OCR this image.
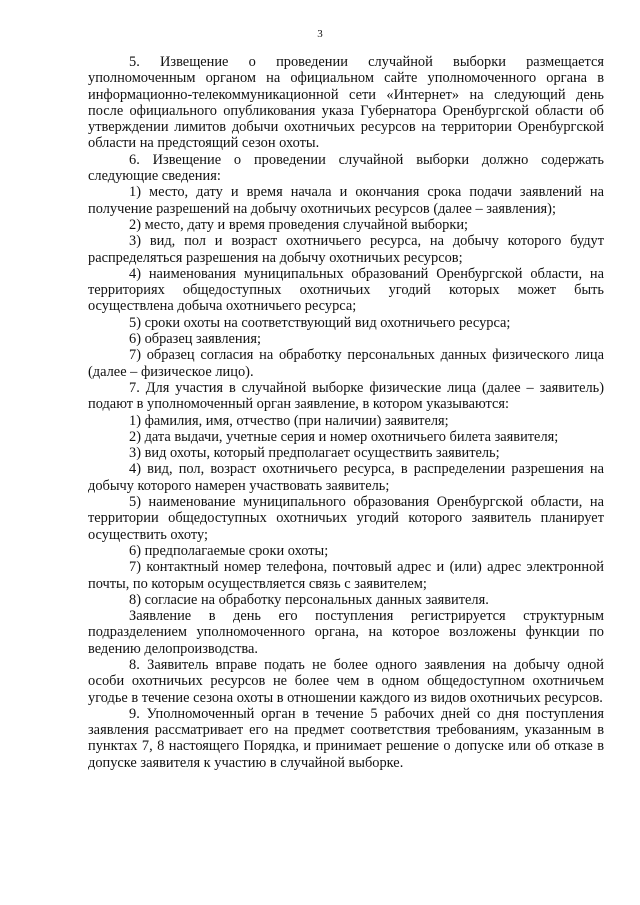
3

5. Извещение о проведении случайной выборки размещается уполномоченным органом на официальном сайте уполномоченного органа в информационно-телекоммуникационной сети «Интернет» на следующий день после официального опубликования указа Губернатора Оренбургской области об утверждении лимитов добычи охотничьих ресурсов на территории Оренбургской области на предстоящий сезон охоты.

6. Извещение о проведении случайной выборки должно содержать следующие сведения:

1) место, дату и время начала и окончания срока подачи заявлений на получение разрешений на добычу охотничьих ресурсов (далее – заявления);

2) место, дату и время проведения случайной выборки;

3) вид, пол и возраст охотничьего ресурса, на добычу которого будут распределяться разрешения на добычу охотничьих ресурсов;

4) наименования муниципальных образований Оренбургской области, на территориях общедоступных охотничьих угодий которых может быть осуществлена добыча охотничьего ресурса;

5) сроки охоты на соответствующий вид охотничьего ресурса;

6) образец заявления;

7) образец согласия на обработку персональных данных физического лица (далее – физическое лицо).

7. Для участия в случайной выборке физические лица (далее – заявитель) подают в уполномоченный орган заявление, в котором указываются:

1) фамилия, имя, отчество (при наличии) заявителя;

2) дата выдачи, учетные серия и номер охотничьего билета заявителя;

3) вид охоты, который предполагает осуществить заявитель;

4) вид, пол, возраст охотничьего ресурса, в распределении разрешения на добычу которого намерен участвовать заявитель;

5) наименование муниципального образования Оренбургской области, на территории общедоступных охотничьих угодий которого заявитель планирует осуществить охоту;

6) предполагаемые сроки охоты;

7) контактный номер телефона, почтовый адрес и (или) адрес электронной почты, по которым осуществляется связь с заявителем;

8) согласие на обработку персональных данных заявителя.

Заявление в день его поступления регистрируется структурным подразделением уполномоченного органа, на которое возложены функции по ведению делопроизводства.

8. Заявитель вправе подать не более одного заявления на добычу одной особи охотничьих ресурсов не более чем в одном общедоступном охотничьем угодье в течение сезона охоты в отношении каждого из видов охотничьих ресурсов.

9. Уполномоченный орган в течение 5 рабочих дней со дня поступления заявления рассматривает его на предмет соответствия требованиям, указанным в пунктах 7, 8 настоящего Порядка, и принимает решение о допуске или об отказе в допуске заявителя к участию в случайной выборке.
